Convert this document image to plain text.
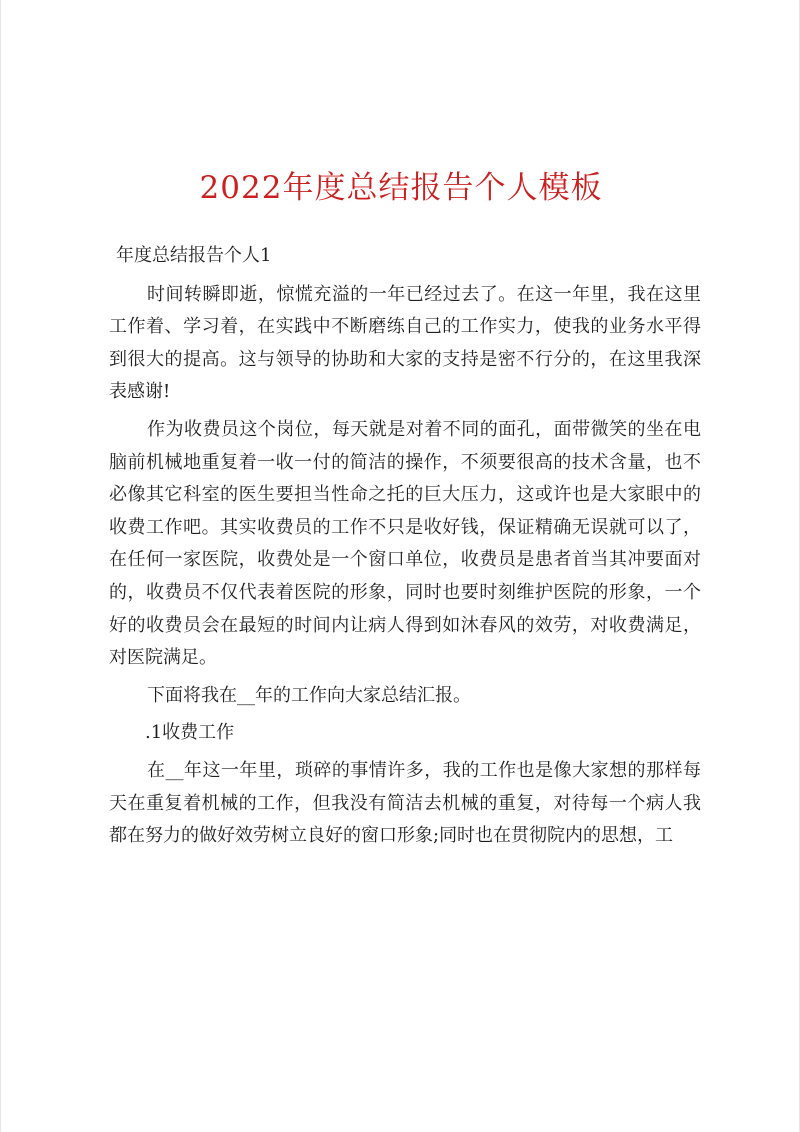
2022年度总结报告个人模板
年度总结报告个人1

时间转瞬即逝，惊慌充溢的一年已经过去了。在这一年里，我在这里工作着、学习着，在实践中不断磨练自己的工作实力，使我的业务水平得到很大的提高。这与领导的协助和大家的支持是密不行分的，在这里我深表感谢!

作为收费员这个岗位，每天就是对着不同的面孔，面带微笑的坐在电脑前机械地重复着一收一付的简洁的操作，不须要很高的技术含量，也不必像其它科室的医生要担当性命之托的巨大压力，这或许也是大家眼中的收费工作吧。其实收费员的工作不只是收好钱，保证精确无误就可以了，在任何一家医院，收费处是一个窗口单位，收费员是患者首当其冲要面对的，收费员不仅代表着医院的形象，同时也要时刻维护医院的形象，一个好的收费员会在最短的时间内让病人得到如沐春风的效劳，对收费满足，对医院满足。

下面将我在__年的工作向大家总结汇报。

.1收费工作

在__年这一年里，琐碎的事情许多，我的工作也是像大家想的那样每天在重复着机械的工作，但我没有简洁去机械的重复，对待每一个病人我都在努力的做好效劳树立良好的窗口形象;同时也在贯彻院内的思想，工
